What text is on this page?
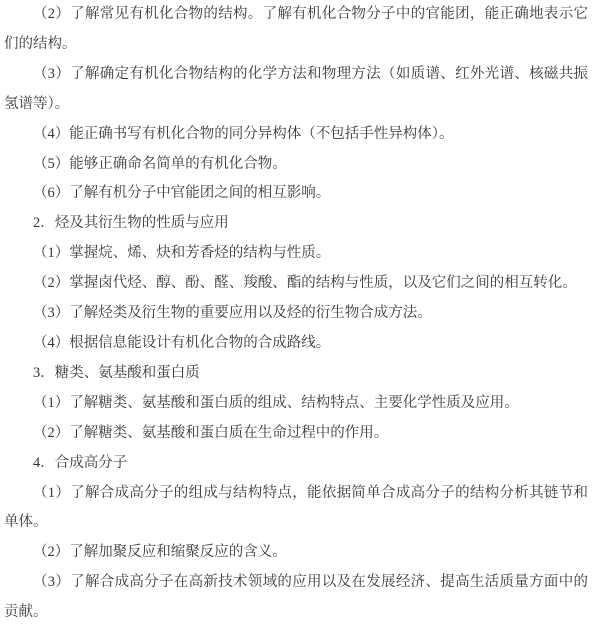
（2）了解常见有机化合物的结构。了解有机化合物分子中的官能团，能正确地表示它们的结构。

（3）了解确定有机化合物结构的化学方法和物理方法（如质谱、红外光谱、核磁共振氢谱等）。

（4）能正确书写有机化合物的同分异构体（不包括手性异构体）。

（5）能够正确命名简单的有机化合物。

（6）了解有机分子中官能团之间的相互影响。

2．烃及其衍生物的性质与应用

（1）掌握烷、烯、炔和芳香烃的结构与性质。

（2）掌握卤代烃、醇、酚、醛、羧酸、酯的结构与性质，以及它们之间的相互转化。

（3）了解烃类及衍生物的重要应用以及烃的衍生物合成方法。

（4）根据信息能设计有机化合物的合成路线。

3．糖类、氨基酸和蛋白质

（1）了解糖类、氨基酸和蛋白质的组成、结构特点、主要化学性质及应用。

（2）了解糖类、氨基酸和蛋白质在生命过程中的作用。

4．合成高分子

（1）了解合成高分子的组成与结构特点，能依据简单合成高分子的结构分析其链节和单体。

（2）了解加聚反应和缩聚反应的含义。

（3）了解合成高分子在高新技术领域的应用以及在发展经济、提高生活质量方面中的贡献。
